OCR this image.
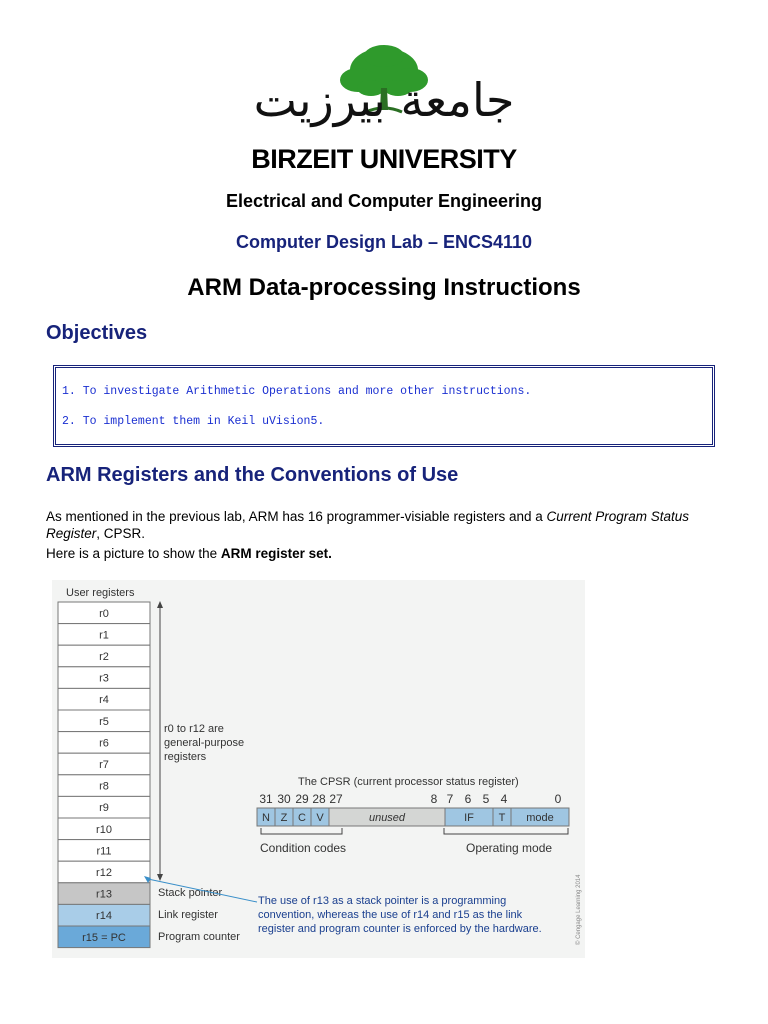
جامعة بيرزيت
BIRZEIT UNIVERSITY
Electrical and Computer Engineering
Computer Design Lab – ENCS4110
ARM Data-processing Instructions
Objectives
1. To investigate Arithmetic Operations and more other instructions.
2. To implement them in Keil uVision5.
ARM Registers and the Conventions of Use
As mentioned in the previous lab, ARM has 16 programmer-visiable registers and a Current Program Status Register, CPSR.
Here is a picture to show the ARM register set.
User registers
r0
r1
r2
r3
r4
r5
r6
r7
r8
r9
r10
r11
r12
r13
r14
r15 = PC
r0 to r12 are
general-purpose
registers
Stack pointer
Link register
Program counter
The CPSR (current processor status register)
31 30 29 28 27	8 7 6 5 4	0
N Z C V	unused	IF T mode
Condition codes	Operating mode
The use of r13 as a stack pointer is a programming
convention, whereas the use of r14 and r15 as the link
register and program counter is enforced by the hardware.	© Cengage Learning 2014
